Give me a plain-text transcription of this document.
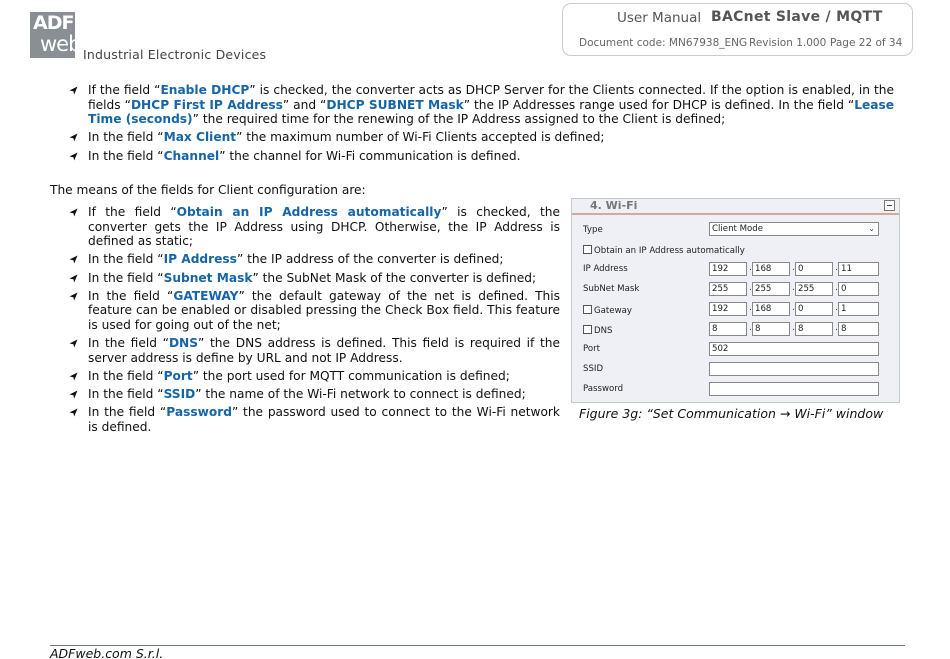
ADF
web Industrial Electronic Devices
User Manual BACnet Slave / MQTT
Document code: MN67938_ENG Revision 1.000 Page 22 of 34
If the field “Enable DHCP” is checked, the converter acts as DHCP Server for the Clients connected. If the option is enabled, in the fields “DHCP First IP Address” and “DHCP SUBNET Mask” the IP Addresses range used for DHCP is defined. In the field “Lease Time (seconds)” the required time for the renewing of the IP Address assigned to the Client is defined;
In the field “Max Client” the maximum number of Wi-Fi Clients accepted is defined;
In the field “Channel” the channel for Wi-Fi communication is defined.
The means of the fields for Client configuration are:
If the field “Obtain an IP Address automatically” is checked, the converter gets the IP Address using DHCP. Otherwise, the IP Address is defined as static;
In the field “IP Address” the IP address of the converter is defined;
In the field “Subnet Mask” the SubNet Mask of the converter is defined;
In the field “GATEWAY” the default gateway of the net is defined. This feature can be enabled or disabled pressing the Check Box field. This feature is used for going out of the net;
In the field “DNS” the DNS address is defined. This field is required if the server address is define by URL and not IP Address.
In the field “Port” the port used for MQTT communication is defined;
In the field “SSID” the name of the Wi-Fi network to connect is defined;
In the field “Password” the password used to connect to the Wi-Fi network is defined.
4. Wi-Fi
Type	Client Mode	⌄
Obtain an IP Address automatically
IP Address	192	. 168	. 0	. 11
SubNet Mask	255	. 255	. 255	. 0
Gateway	192	. 168	. 0	. 1
DNS	8	. 8	. 8	. 8
Port	502
SSID
Password
Figure 3g: “Set Communication → Wi-Fi” window
ADFweb.com S.r.l.
